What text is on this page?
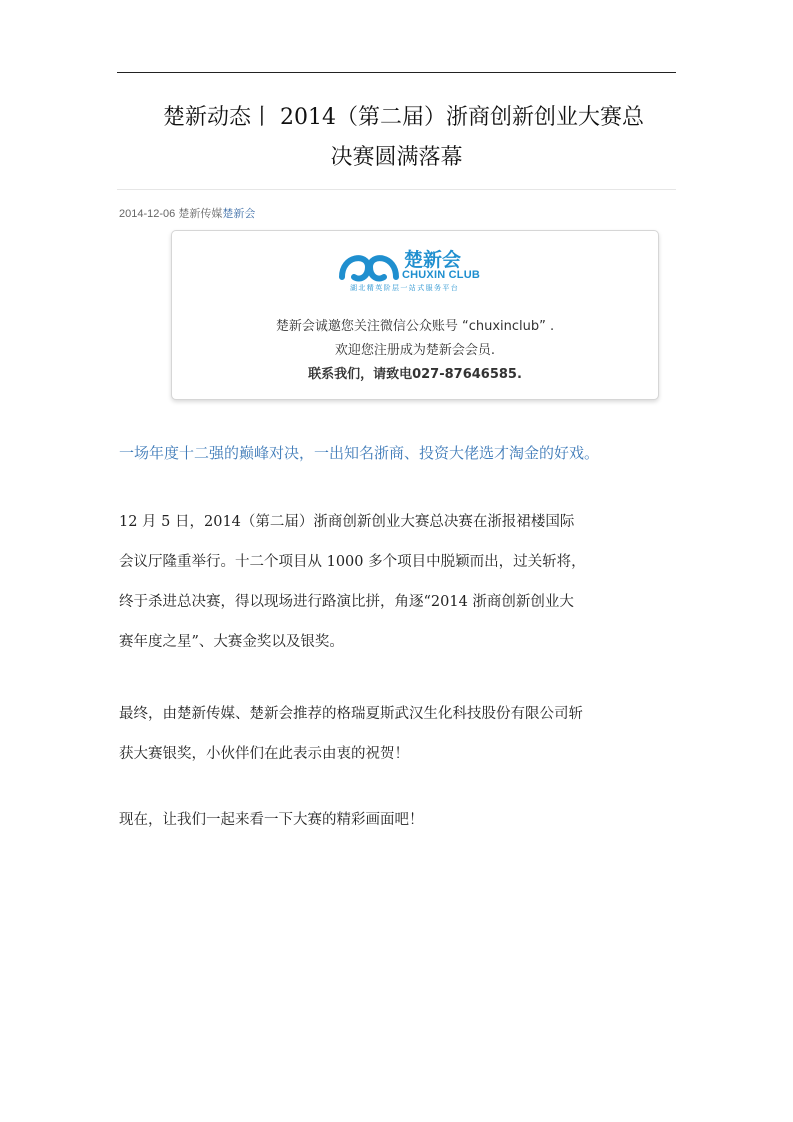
楚新动态丨 2014（第二届）浙商创新创业大赛总
决赛圆满落幕
2014-12-06 楚新传媒楚新会
楚新会
CHUXIN CLUB
湖北精英阶层一站式服务平台
楚新会诚邀您关注微信公众账号 “chuxinclub” .
欢迎您注册成为楚新会会员.
联系我们，请致电027-87646585.
一场年度十二强的巅峰对决，一出知名浙商、投资大佬选才淘金的好戏。
12 月 5 日，2014（第二届）浙商创新创业大赛总决赛在浙报裙楼国际
会议厅隆重举行。十二个项目从 1000 多个项目中脱颖而出，过关斩将，
终于杀进总决赛，得以现场进行路演比拼，角逐“2014 浙商创新创业大
赛年度之星”、大赛金奖以及银奖。
最终，由楚新传媒、楚新会推荐的格瑞夏斯武汉生化科技股份有限公司斩
获大赛银奖，小伙伴们在此表示由衷的祝贺！
现在，让我们一起来看一下大赛的精彩画面吧！
